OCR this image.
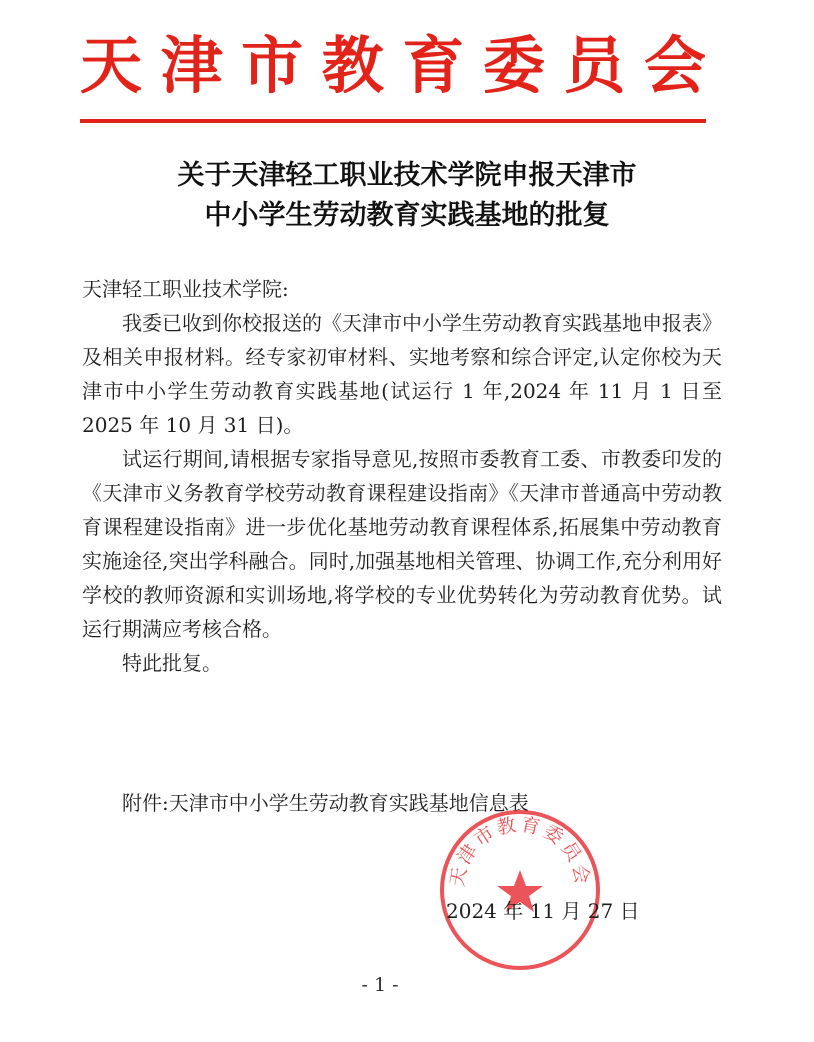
天 津 市 教 育 委 员 会
关于天津轻工职业技术学院申报天津市
中小学生劳动教育实践基地的批复

天津轻工职业技术学院:

我委已收到你校报送的《天津市中小学生劳动教育实践基地申报表》及相关申报材料。经专家初审材料、实地考察和综合评定,认定你校为天津市中小学生劳动教育实践基地(试运行 1 年,2024 年 11 月 1 日至 2025 年 10 月 31 日)。

试运行期间,请根据专家指导意见,按照市委教育工委、市教委印发的《天津市义务教育学校劳动教育课程建设指南》《天津市普通高中劳动教育课程建设指南》进一步优化基地劳动教育课程体系,拓展集中劳动教育实施途径,突出学科融合。同时,加强基地相关管理、协调工作,充分利用好学校的教师资源和实训场地,将学校的专业优势转化为劳动教育优势。试运行期满应考核合格。

特此批复。

附件:天津市中小学生劳动教育实践基地信息表
天津市教育委员会
2024 年 11 月 27 日
- 1 -
